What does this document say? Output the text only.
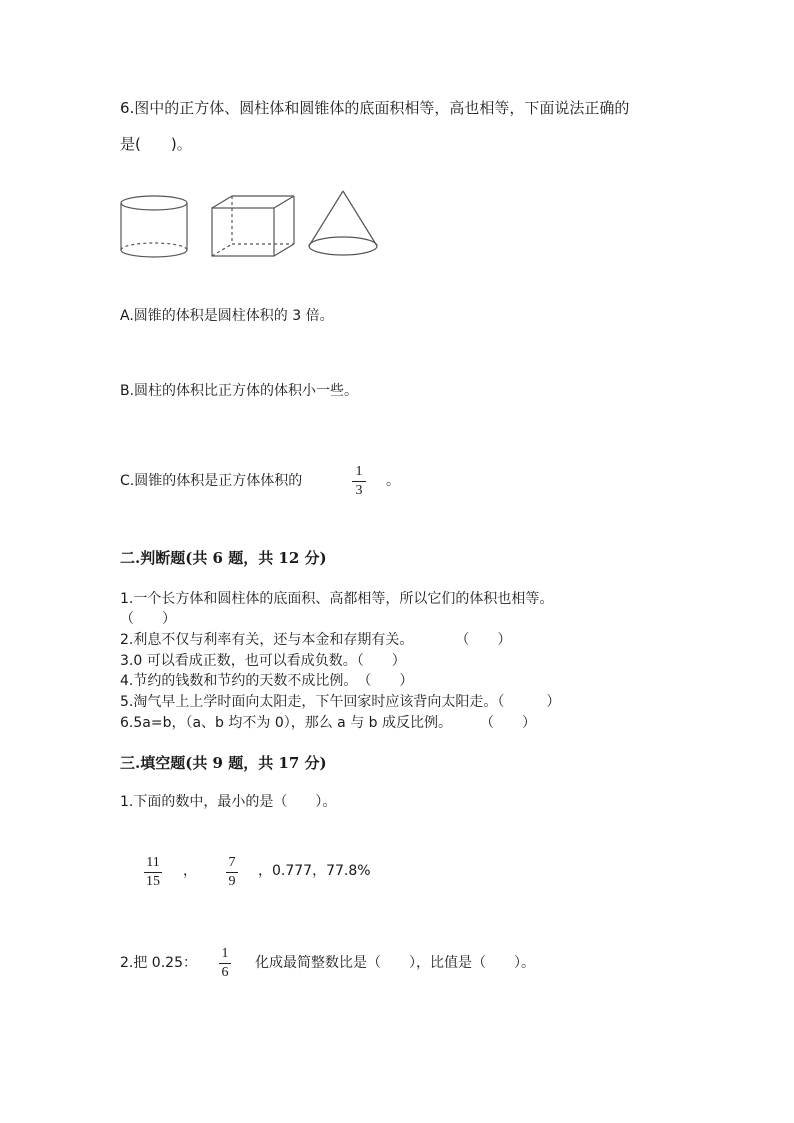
6.图中的正方体、圆柱体和圆锥体的底面积相等，高也相等，下面说法正确的
是(　　)。
A.圆锥的体积是圆柱体积的 3 倍。
B.圆柱的体积比正方体的体积小一些。
C.圆锥的体积是正方体体积的
1
3
。
二.判断题(共 6 题，共 12 分)
1.一个长方体和圆柱体的底面积、高都相等，所以它们的体积也相等。
（　　）
2.利息不仅与利率有关，还与本金和存期有关。　　　　（　　）
3.0 可以看成正数，也可以看成负数。（　　）
4.节约的钱数和节约的天数不成比例。　（　　）
5.淘气早上上学时面向太阳走，下午回家时应该背向太阳走。（　　　）
6.5a=b，（a、b 均不为 0），那么 a 与 b 成反比例。　　　（　　）
三.填空题(共 9 题，共 17 分)
1.下面的数中，最小的是（　　）。
11
15
，
7
9
，0.777，77.8%
2.把 0.25：
1
6
化成最简整数比是（　　），比值是（　　）。
